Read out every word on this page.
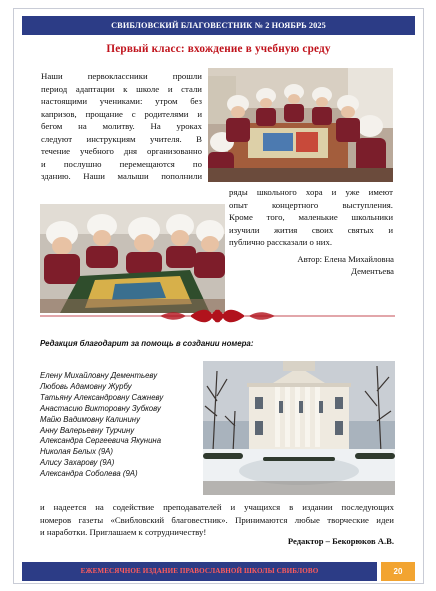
СВИБЛОВСКИЙ БЛАГОВЕСТНИК № 2 НОЯБРЬ 2025
Первый класс: вхождение в учебную среду
Наши первоклассники прошли
период адаптации к школе и стали
настоящими учениками: утром без
капризов, прощание с родителями и
бегом на молитву. На уроках
следуют инструкциям учителя. В
течение учебного дня организованно
и послушно перемещаются по
зданию. Наши малыши пополнили
ряды школьного хора и уже имеют
опыт концертного выступления.
Кроме того, маленькие школьники
изучили жития своих святых и
публично рассказали о них.
Автор: Елена Михайловна
Дементьева
Редакция благодарит за помощь в создании номера:
Елену Михайловну Дементьеву
Любовь Адамовну Журбу
Татьяну Александровну Сажневу
Анастасию Викторовну Зубкову
Майю Вадимовну Калинину
Анну Валерьевну Турчину
Александра Сергеевича Якунина
Николая Белых (9А)
Алису Захарову (9А)
Александра Соболева (9А)
и надеется на содействие преподавателей и учащихся в издании последующих
номеров газеты «Свибловский благовестник». Принимаются любые творческие идеи
и наработки. Приглашаем к сотрудничеству!
Редактор – Бекорюков А.В.
ЕЖЕМЕСЯЧНОЕ ИЗДАНИЕ ПРАВОСЛАВНОЙ ШКОЛЫ СВИБЛОВО	20
